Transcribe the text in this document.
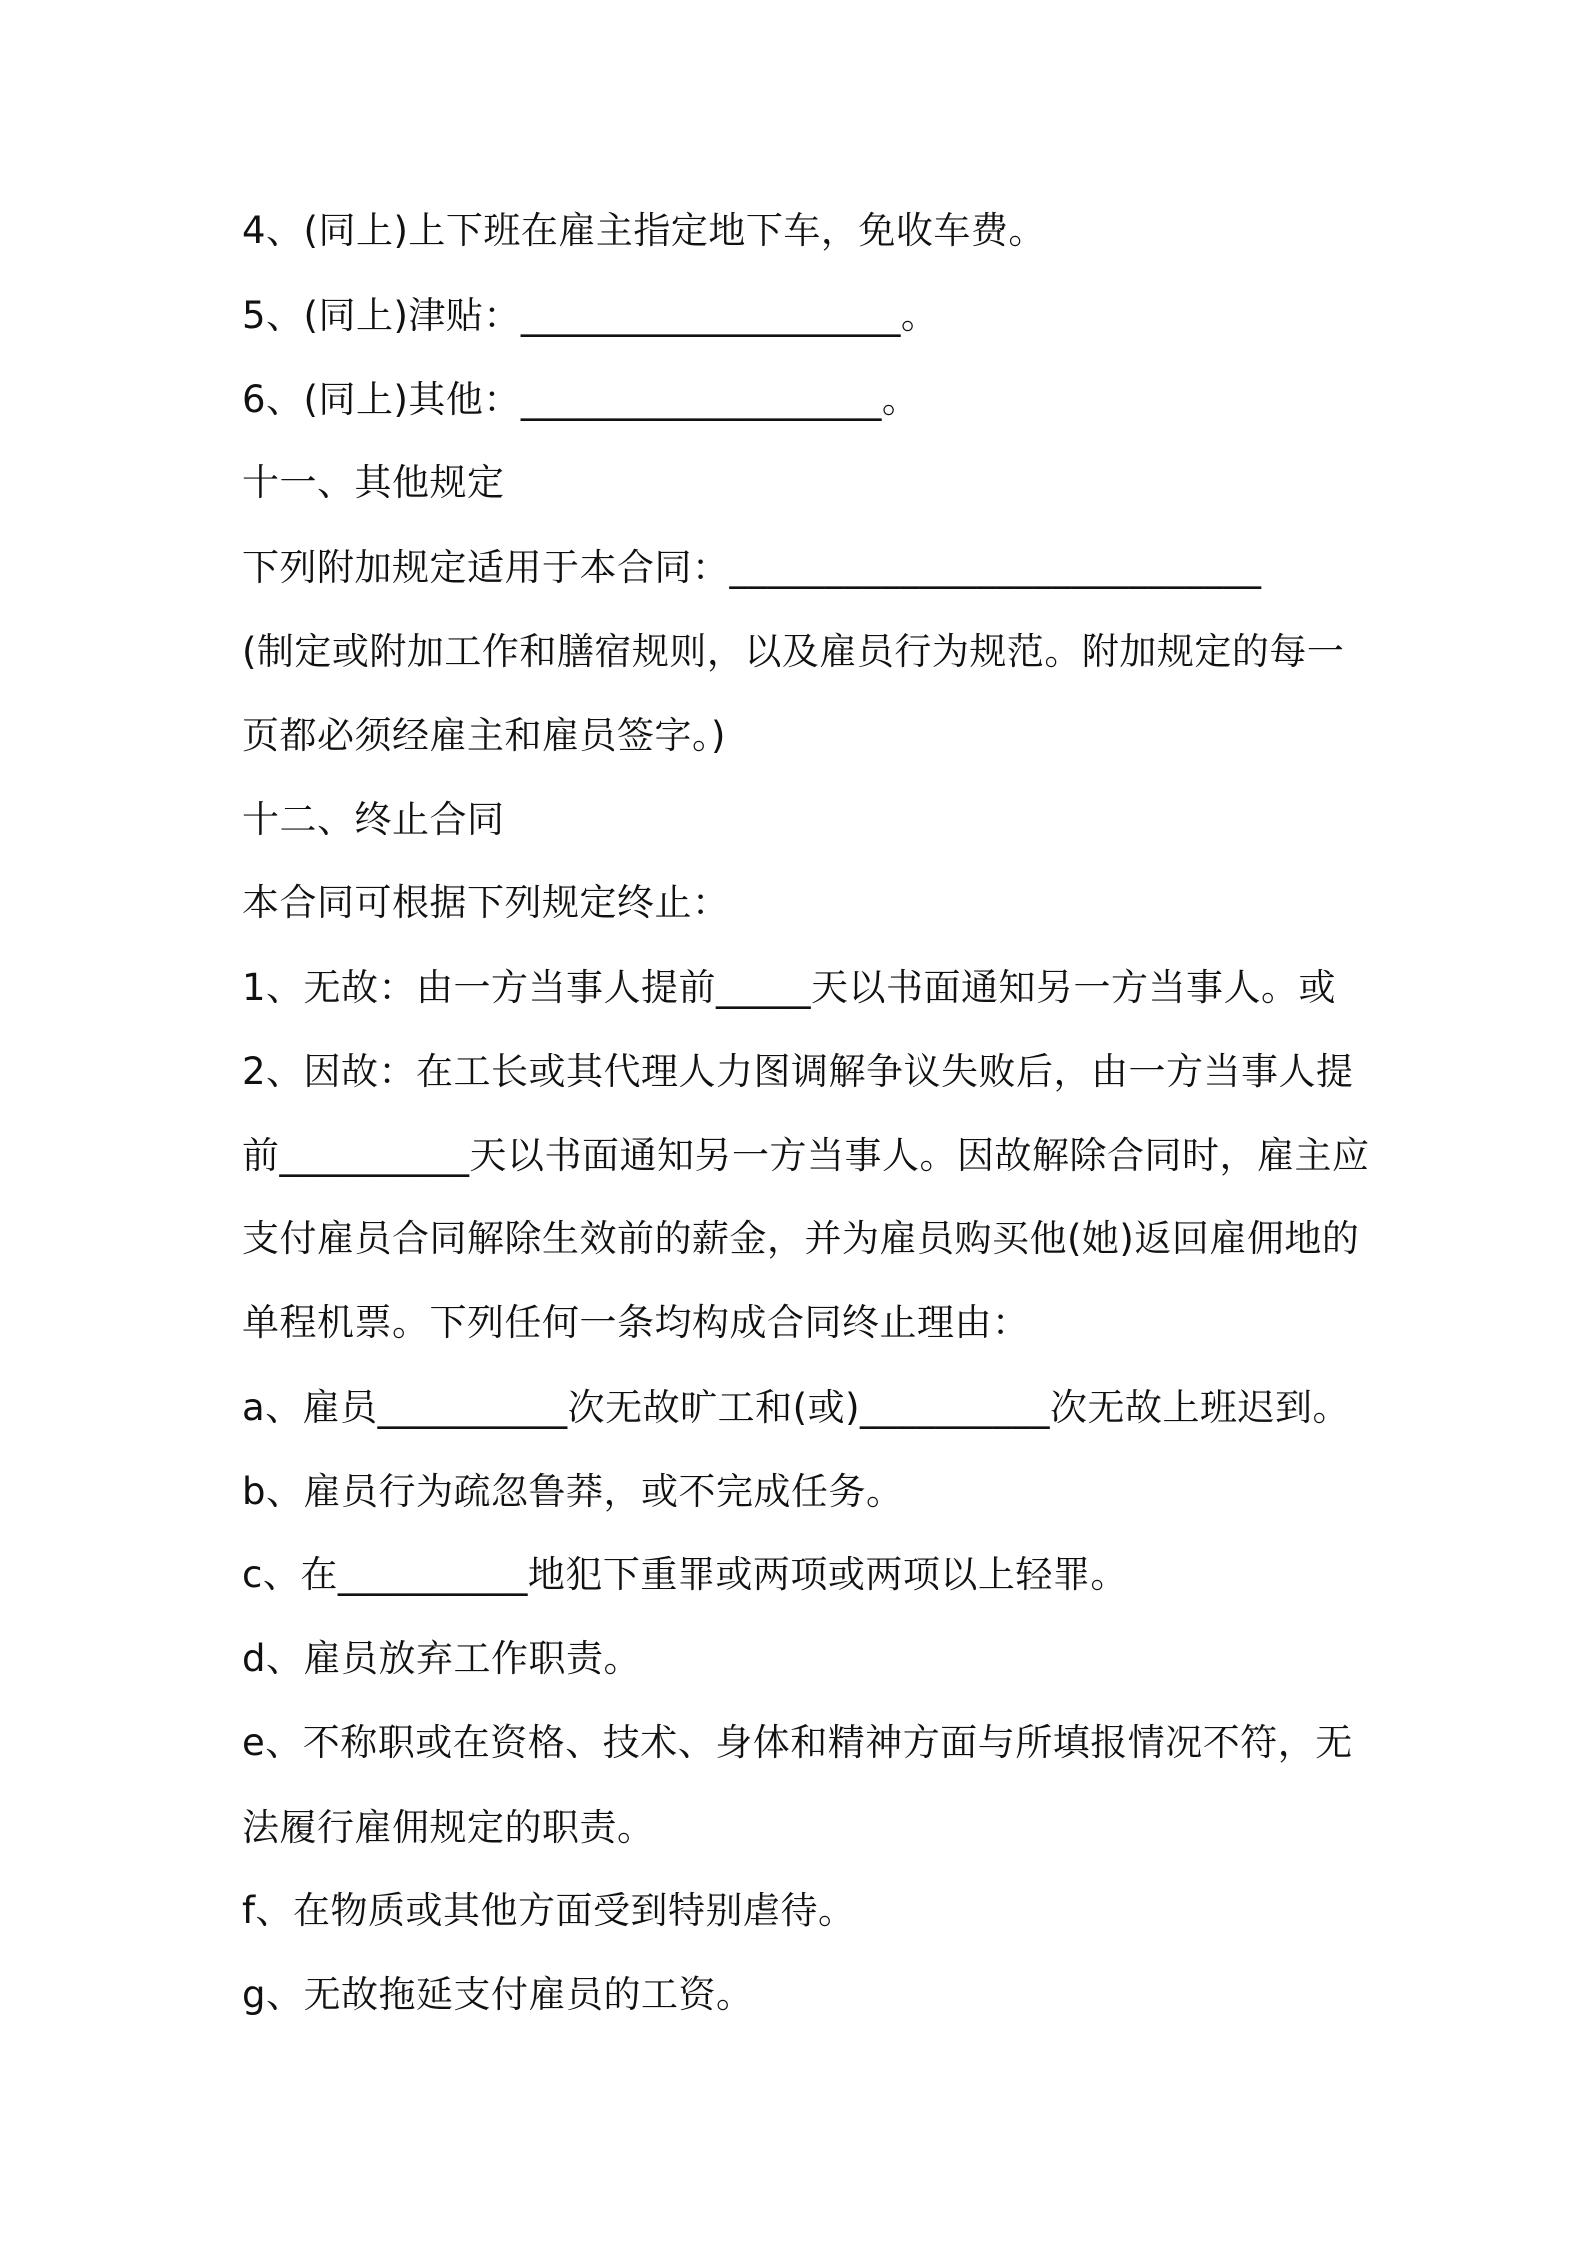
4、(同上)上下班在雇主指定地下车，免收车费。
5、(同上)津贴：____________________。
6、(同上)其他：___________________。
十一、其他规定
下列附加规定适用于本合同：____________________________
(制定或附加工作和膳宿规则，以及雇员行为规范。附加规定的每一
页都必须经雇主和雇员签字。)
十二、终止合同
本合同可根据下列规定终止：
1、无故：由一方当事人提前_____天以书面通知另一方当事人。或
2、因故：在工长或其代理人力图调解争议失败后，由一方当事人提
前__________天以书面通知另一方当事人。因故解除合同时，雇主应
支付雇员合同解除生效前的薪金，并为雇员购买他(她)返回雇佣地的
单程机票。下列任何一条均构成合同终止理由：
a、雇员__________次无故旷工和(或)__________次无故上班迟到。
b、雇员行为疏忽鲁莽，或不完成任务。
c、在__________地犯下重罪或两项或两项以上轻罪。
d、雇员放弃工作职责。
e、不称职或在资格、技术、身体和精神方面与所填报情况不符，无
法履行雇佣规定的职责。
f、在物质或其他方面受到特别虐待。
g、无故拖延支付雇员的工资。
